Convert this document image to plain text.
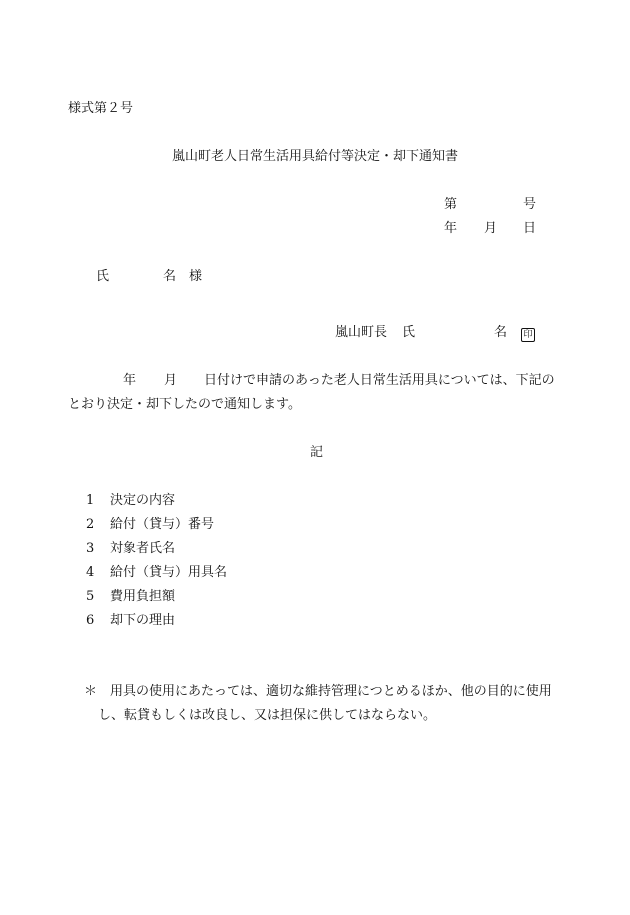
様式第２号
嵐山町老人日常生活用具給付等決定・却下通知書
第	号
年 月 日
氏	名 様
嵐山町長 氏	名 印
年 月 日付けで申請のあった老人日常生活用具については、下記の
とおり決定・却下したので通知します。
記
1 決定の内容
2 給付（貸与）番号
3 対象者氏名
4 給付（貸与）用具名
5 費用負担額
6 却下の理由
＊ 用具の使用にあたっては、適切な維持管理につとめるほか、他の目的に使用
し、転貸もしくは改良し、又は担保に供してはならない。
